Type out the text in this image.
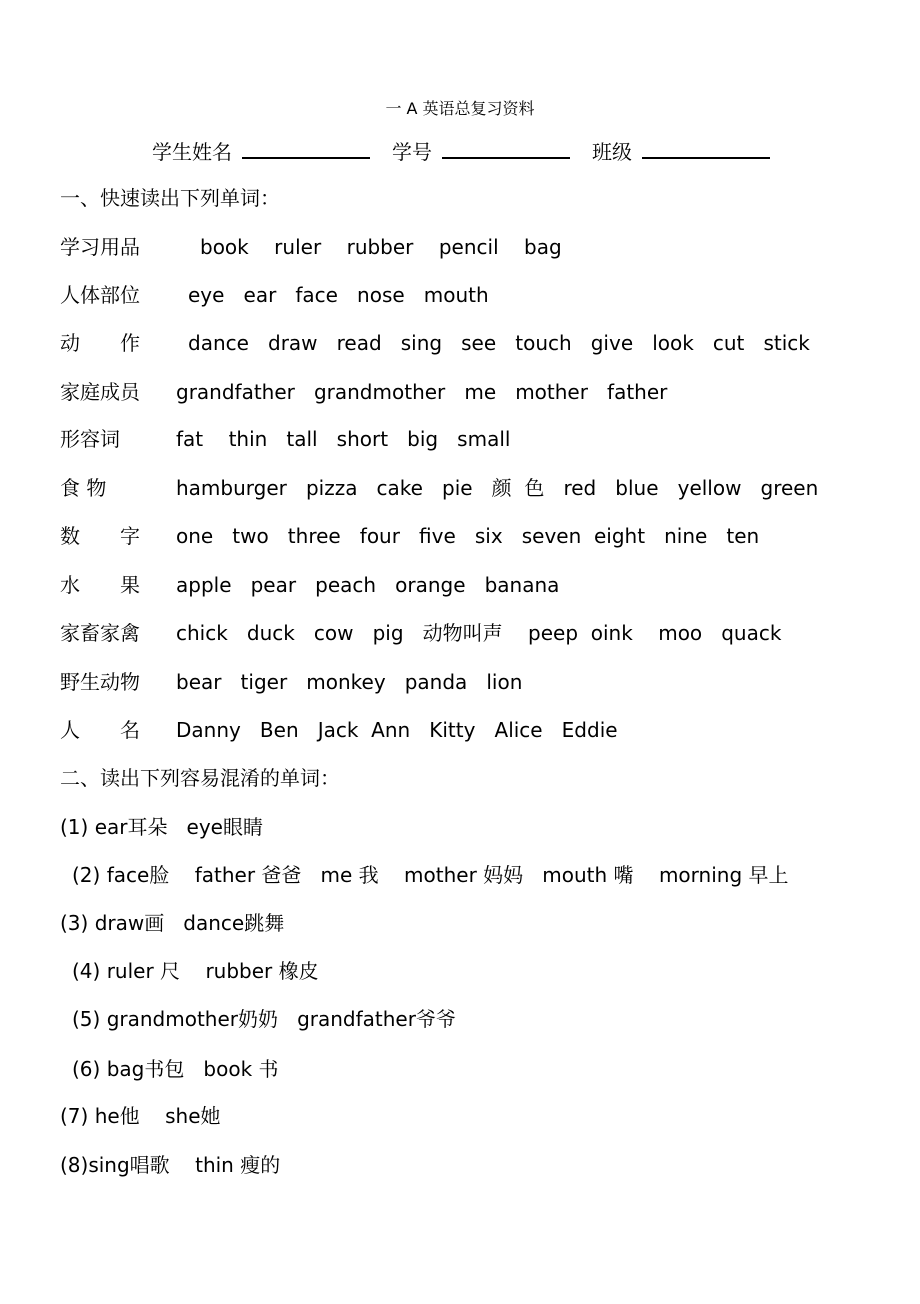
一 A 英语总复习资料
学生姓名	学号	班级
一、快速读出下列单词：
学习用品	book    ruler    rubber    pencil    bag
人体部位 eye   ear   face   nose   mouth
动　　作 dance   draw   read   sing   see   touch   give   look   cut   stick
家庭成员 grandfather   grandmother   me   mother   father
形容词	fat    thin   tall   short   big   small
食 物	hamburger   pizza   cake   pie   颜  色   red   blue   yellow   green
数　　字 one   two   three   four   five   six   seven  eight   nine   ten
水　　果 apple   pear   peach   orange   banana
家畜家禽 chick   duck   cow   pig   动物叫声    peep  oink    moo   quack
野生动物 bear   tiger   monkey   panda   lion
人　　名 Danny   Ben   Jack  Ann   Kitty   Alice   Eddie
二、读出下列容易混淆的单词：
(1) ear耳朵   eye眼睛
(2) face脸    father 爸爸   me 我    mother 妈妈   mouth 嘴    morning 早上
(3) draw画   dance跳舞
(4) ruler 尺    rubber 橡皮
(5) grandmother奶奶   grandfather爷爷
(6) bag书包   book 书
(7) he他    she她
(8)sing唱歌    thin 瘦的
